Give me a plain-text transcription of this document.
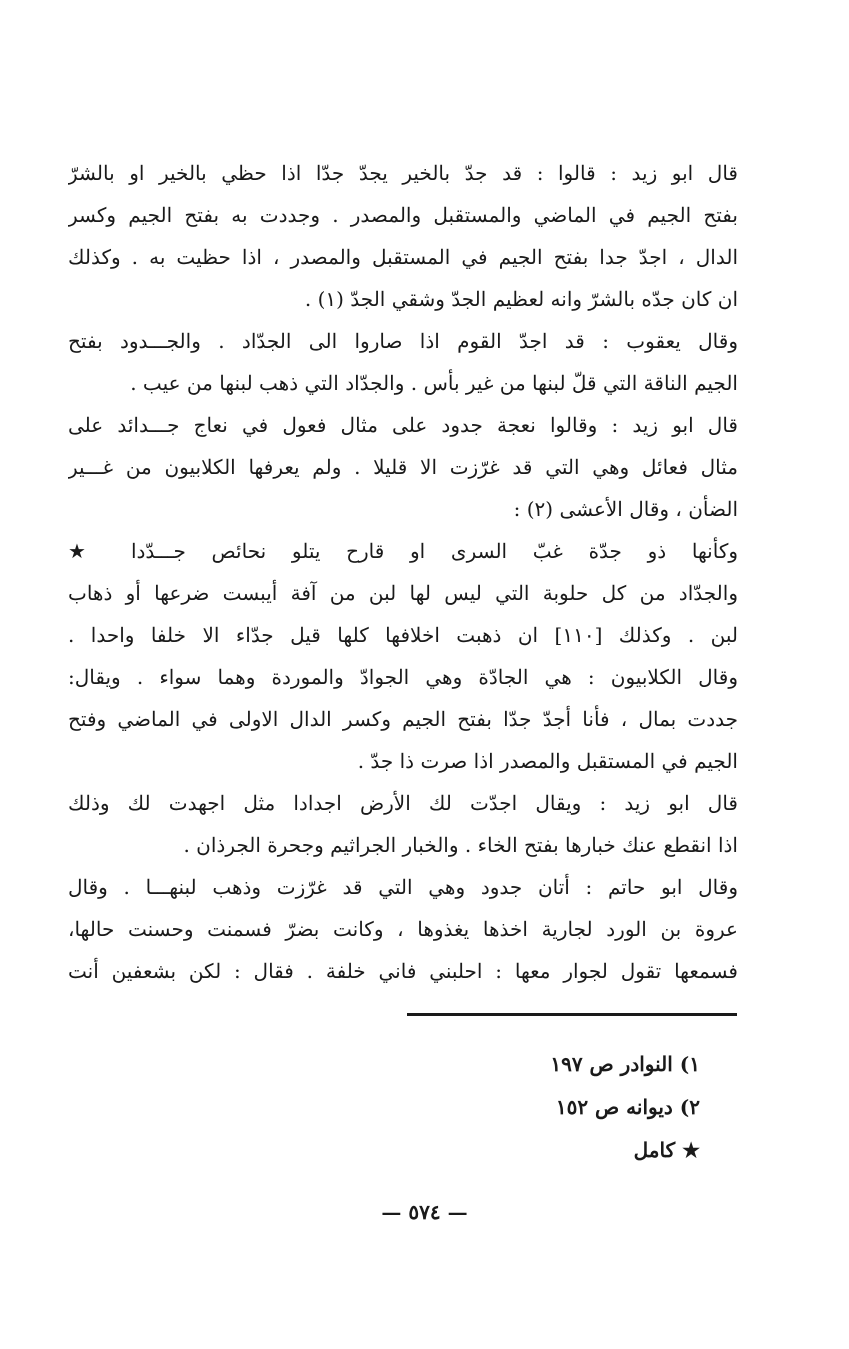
قال ابو زيد : قالوا : قد جدّ بالخير يجدّ جدّا اذا حظي بالخير او بالشرّ
بفتح الجيم في الماضي والمستقبل والمصدر . وجددت به بفتح الجيم وكسر
الدال ، اجدّ جدا بفتح الجيم في المستقبل والمصدر ، اذا حظيت به . وكذلك
ان كان جدّه بالشرّ وانه لعظيم الجدّ وشقي الجدّ (١) .
وقال يعقوب : قد اجدّ القوم اذا صاروا الى الجدّاد . والجـــدود بفتح
الجيم الناقة التي قلّ لبنها من غير بأس . والجدّاد التي ذهب لبنها من عيب .
قال ابو زيد : وقالوا نعجة جدود على مثال فعول في نعاج جـــدائد على
مثال فعائل وهي التي قد غرّزت الا قليلا . ولم يعرفها الكلابيون من غـــير
الضأن ، وقال الأعشى (٢) :
وكأنها ذو جدّة غبّ السرى او قارح يتلو نحائص جـــدّدا ★
والجدّاد من كل حلوبة التي ليس لها لبن من آفة أيبست ضرعها أو ذهاب
لبن . وكذلك [١١٠] ان ذهبت اخلافها كلها قيل جدّاء الا خلفا واحدا .
وقال الكلابيون : هي الجادّة وهي الجوادّ والموردة وهما سواء . ويقال:
جددت بمال ، فأنا أجدّ جدّا بفتح الجيم وكسر الدال الاولى في الماضي وفتح
الجيم في المستقبل والمصدر اذا صرت ذا جدّ .
قال ابو زيد : ويقال اجدّت لك الأرض اجدادا مثل اجهدت لك وذلك
اذا انقطع عنك خبارها بفتح الخاء . والخبار الجراثيم وجحرة الجرذان .
وقال ابو حاتم : أتان جدود وهي التي قد غرّزت وذهب لبنهـــا . وقال
عروة بن الورد لجارية اخذها يغذوها ، وكانت بضرّ فسمنت وحسنت حالها،
فسمعها تقول لجوار معها : احلبني فاني خلفة . فقال : لكن بشعفين أنت
١) النوادر ص ١٩٧
٢) ديوانه ص ١٥٢
★ كامل
— ٥٧٤ —
